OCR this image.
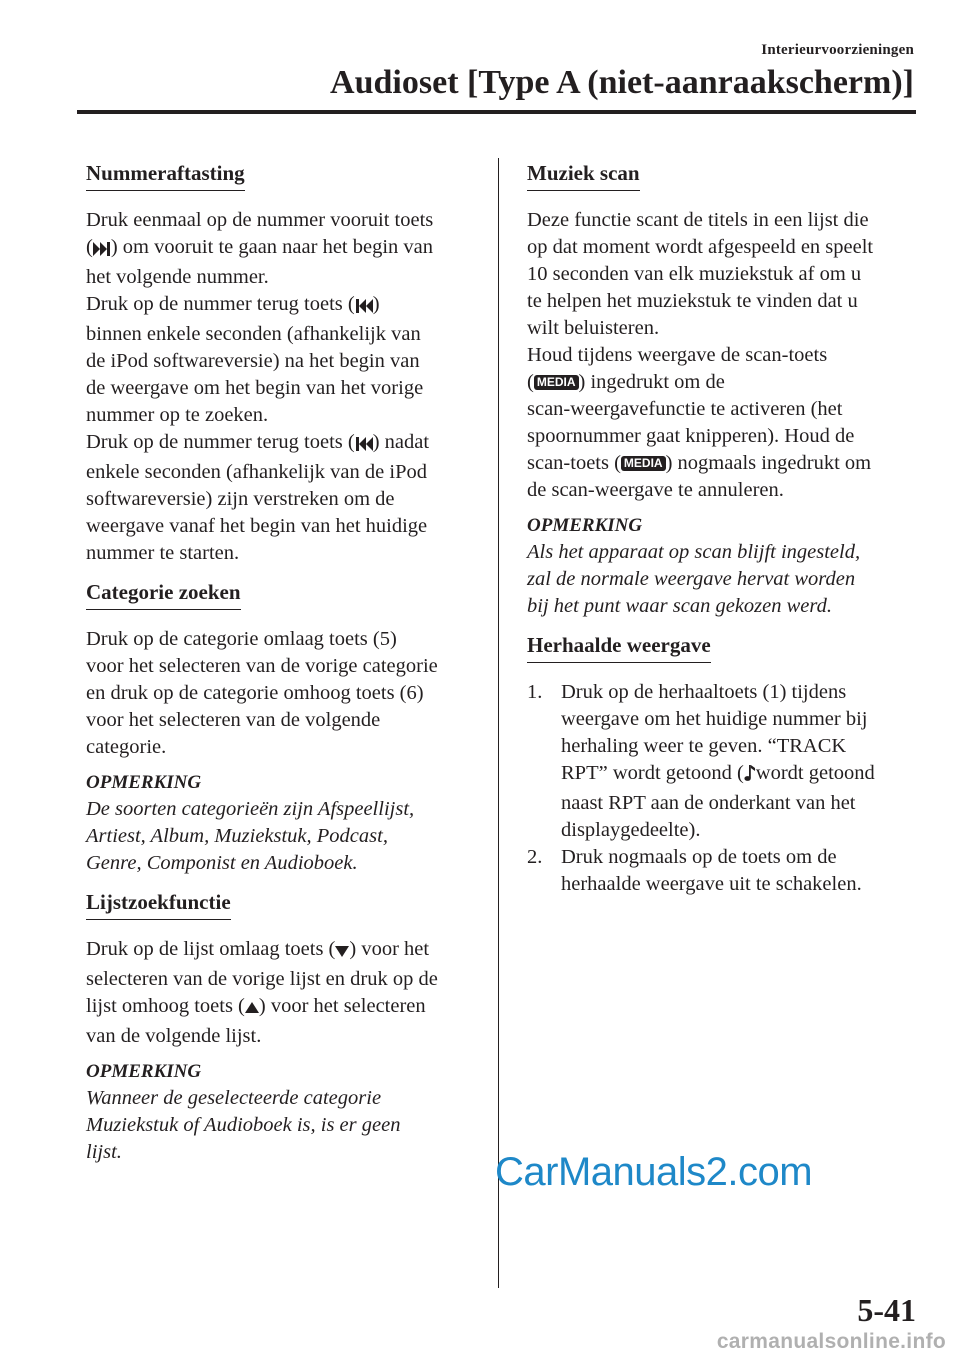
Interieurvoorzieningen
Audioset [Type A (niet-aanraakscherm)]
Nummeraftasting
Druk eenmaal op de nummer vooruit toets
( ) om vooruit te gaan naar het begin van
het volgende nummer.
Druk op de nummer terug toets ( )
binnen enkele seconden (afhankelijk van
de iPod softwareversie) na het begin van
de weergave om het begin van het vorige
nummer op te zoeken.
Druk op de nummer terug toets ( ) nadat
enkele seconden (afhankelijk van de iPod
softwareversie) zijn verstreken om de
weergave vanaf het begin van het huidige
nummer te starten.
Categorie zoeken
Druk op de categorie omlaag toets (5)
voor het selecteren van de vorige categorie
en druk op de categorie omhoog toets (6)
voor het selecteren van de volgende
categorie.
OPMERKING
De soorten categorieën zijn Afspeellijst,
Artiest, Album, Muziekstuk, Podcast,
Genre, Componist en Audioboek.
Lijstzoekfunctie
Druk op de lijst omlaag toets ( ) voor het
selecteren van de vorige lijst en druk op de
lijst omhoog toets ( ) voor het selecteren
van de volgende lijst.
OPMERKING
Wanneer de geselecteerde categorie
Muziekstuk of Audioboek is, is er geen
lijst.
Muziek scan
Deze functie scant de titels in een lijst die
op dat moment wordt afgespeeld en speelt
10 seconden van elk muziekstuk af om u
te helpen het muziekstuk te vinden dat u
wilt beluisteren.
Houd tijdens weergave de scan-toets
( MEDIA ) ingedrukt om de
scan-weergavefunctie te activeren (het
spoornummer gaat knipperen). Houd de
scan-toets ( MEDIA ) nogmaals ingedrukt om
de scan-weergave te annuleren.
OPMERKING
Als het apparaat op scan blijft ingesteld,
zal de normale weergave hervat worden
bij het punt waar scan gekozen werd.
Herhaalde weergave
1. Druk op de herhaaltoets (1) tijdens
weergave om het huidige nummer bij
herhaling weer te geven. “TRACK
RPT” wordt getoond ( wordt getoond
naast RPT aan de onderkant van het
displaygedeelte).
2. Druk nogmaals op de toets om de
herhaalde weergave uit te schakelen.
CarManuals2.com
5-41
carmanualsonline.info
